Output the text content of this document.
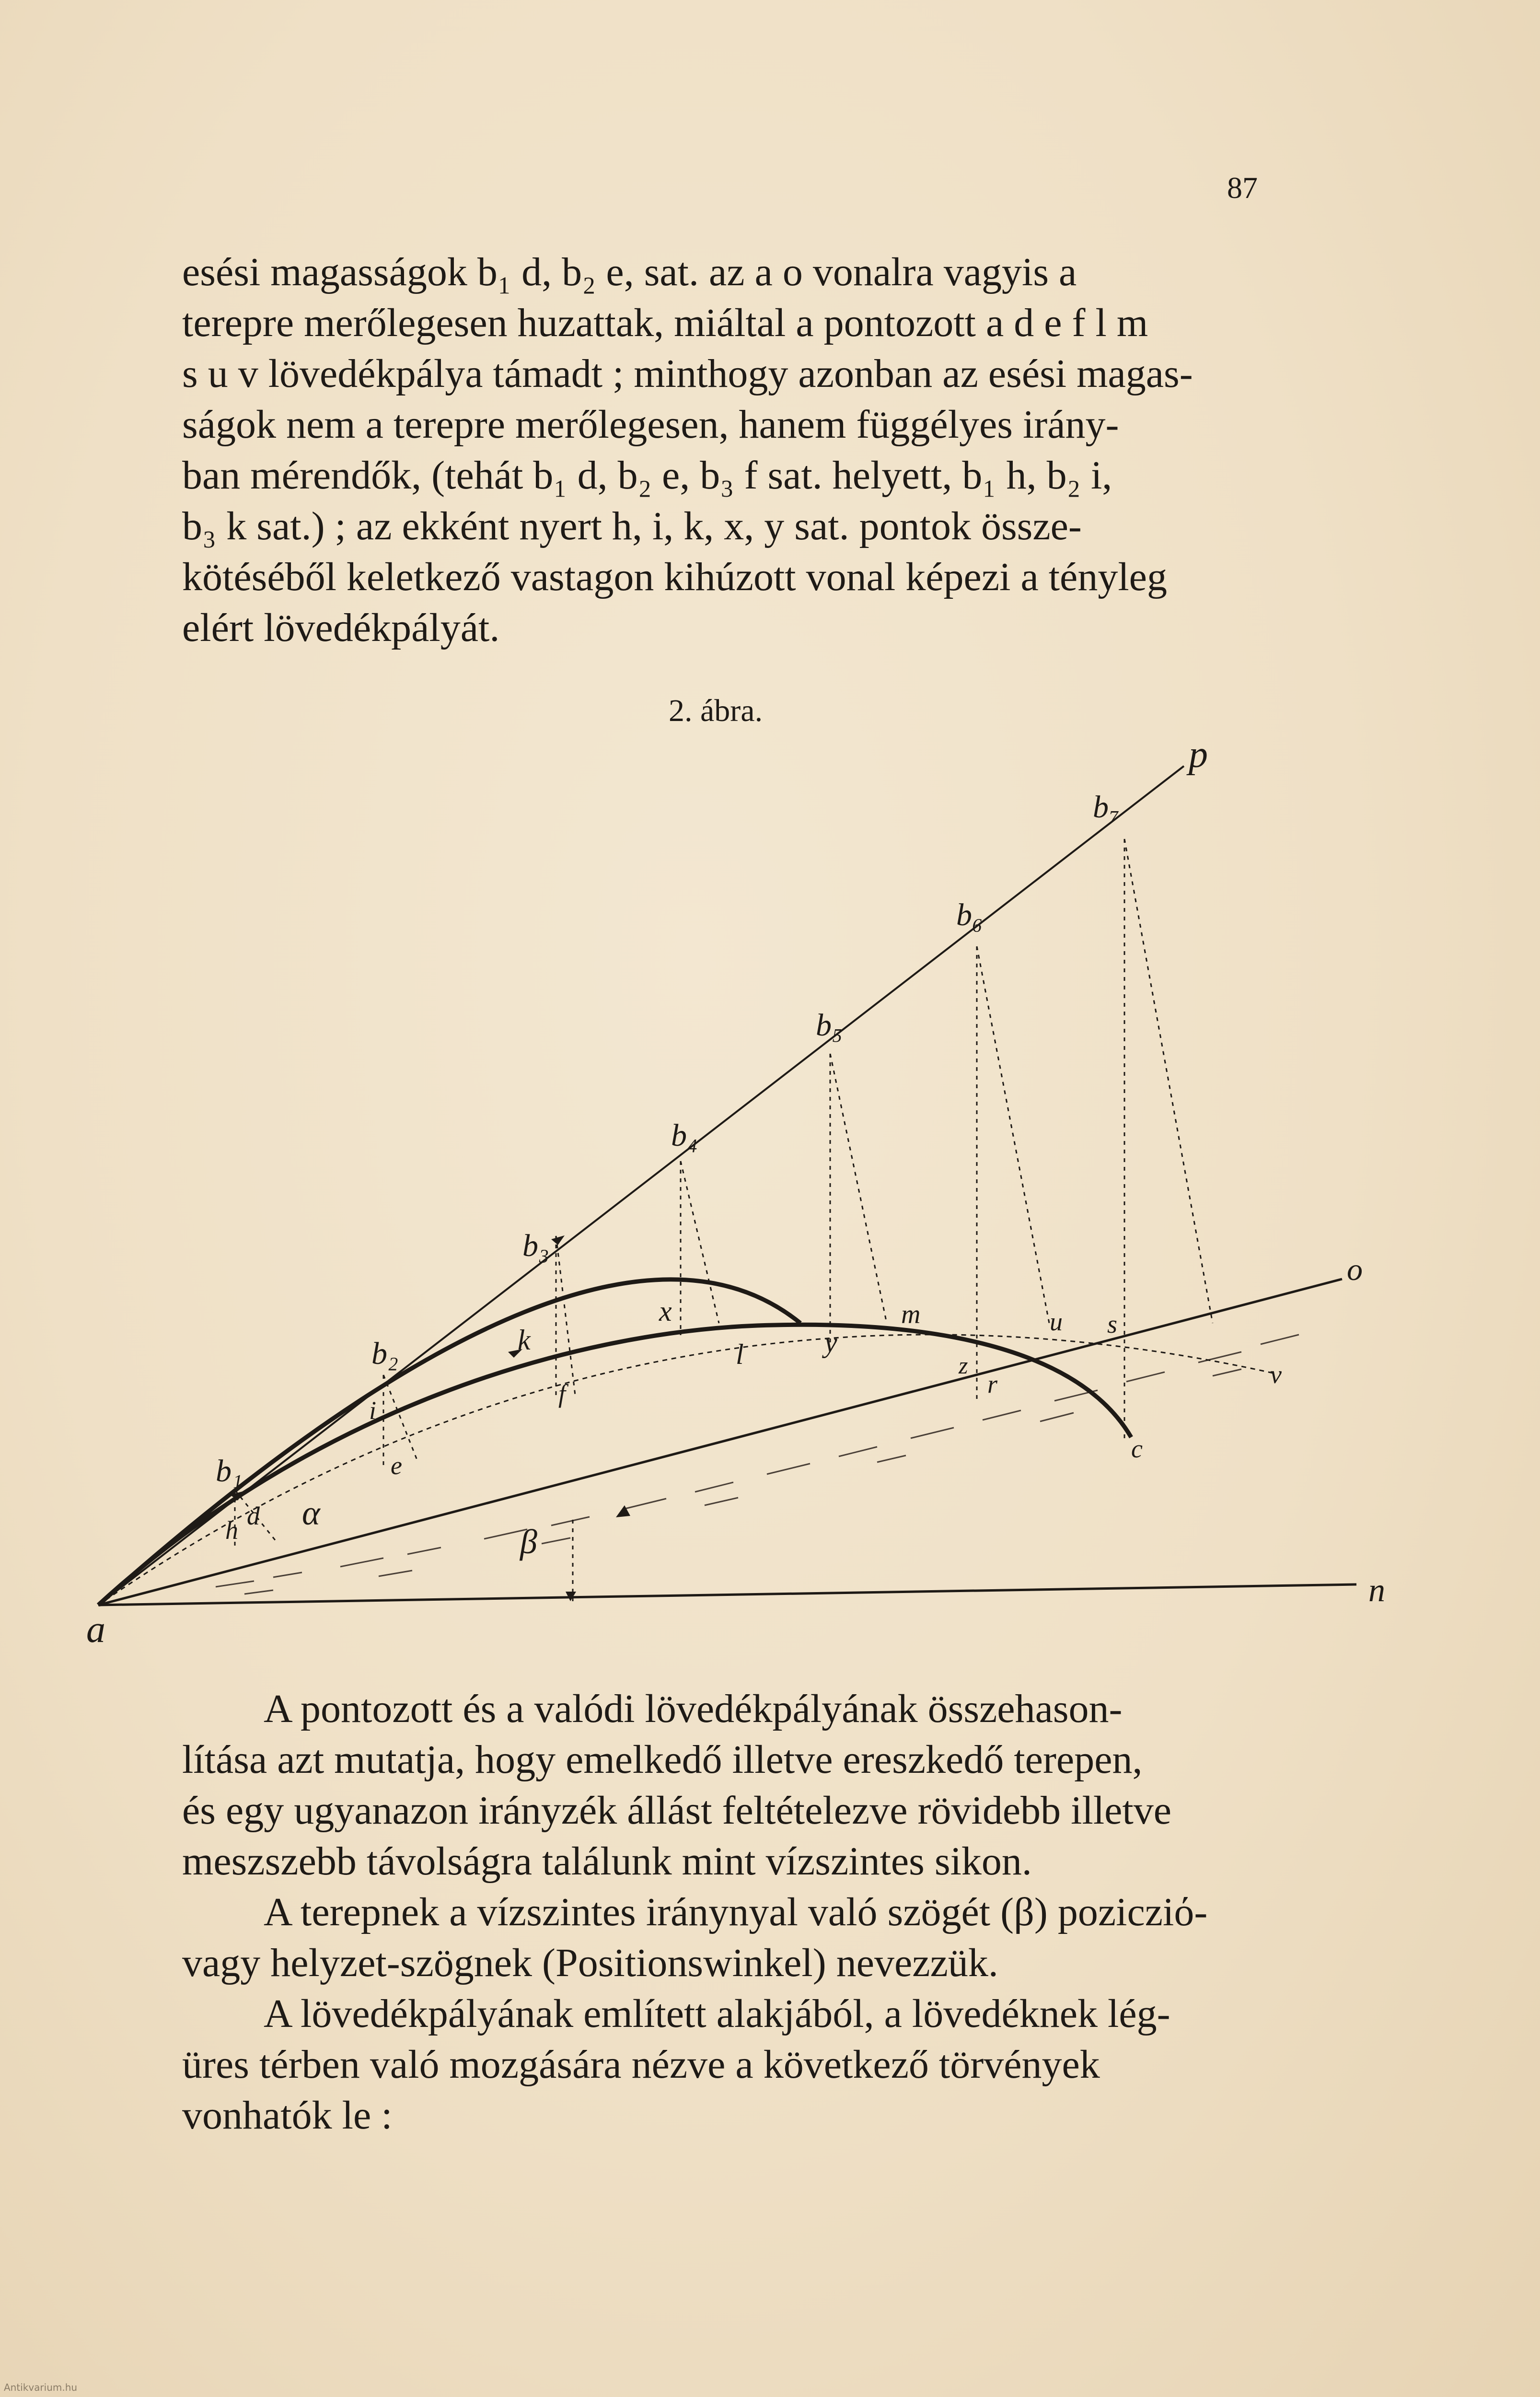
87

esési magasságok b₁ d, b₂ e, sat. az a o vonalra vagyis a
terepre merőlegesen huzattak, miáltal a pontozott a d e f l m
s u v lövedékpálya támadt ; minthogy azonban az esési magas-
ságok nem a terepre merőlegesen, hanem függélyes irány-
ban mérendők, (tehát b₁ d, b₂ e, b₃ f sat. helyett, b₁ h, b₂ i,
b₃ k sat.) ; az ekként nyert h, i, k, x, y sat. pontok össze-
kötéséből keletkező vastagon kihúzott vonal képezi a tényleg
elért lövedékpályát.

2. ábra.
a
p
o
n
c
v
b₁
b₂
b₃
b₄
b₅
b₆
b₇
d
h
e
i
f
k
x
l	y
m
z
r
u s
α
β

A pontozott és a valódi lövedékpályának összehason-
lítása azt mutatja, hogy emelkedő illetve ereszkedő terepen,
és egy ugyanazon irányzék állást feltételezve rövidebb illetve
meszszebb távolságra találunk mint vízszintes sikon.
A terepnek a vízszintes iránynyal való szögét (β) pozicziό-
vagy helyzet-szögnek (Positionswinkel) nevezzük.
A lövedékpályának említett alakjából, a lövedéknek lég-
üres térben való mozgására nézve a következő törvények
vonhatók le :

Antikvarium.hu
